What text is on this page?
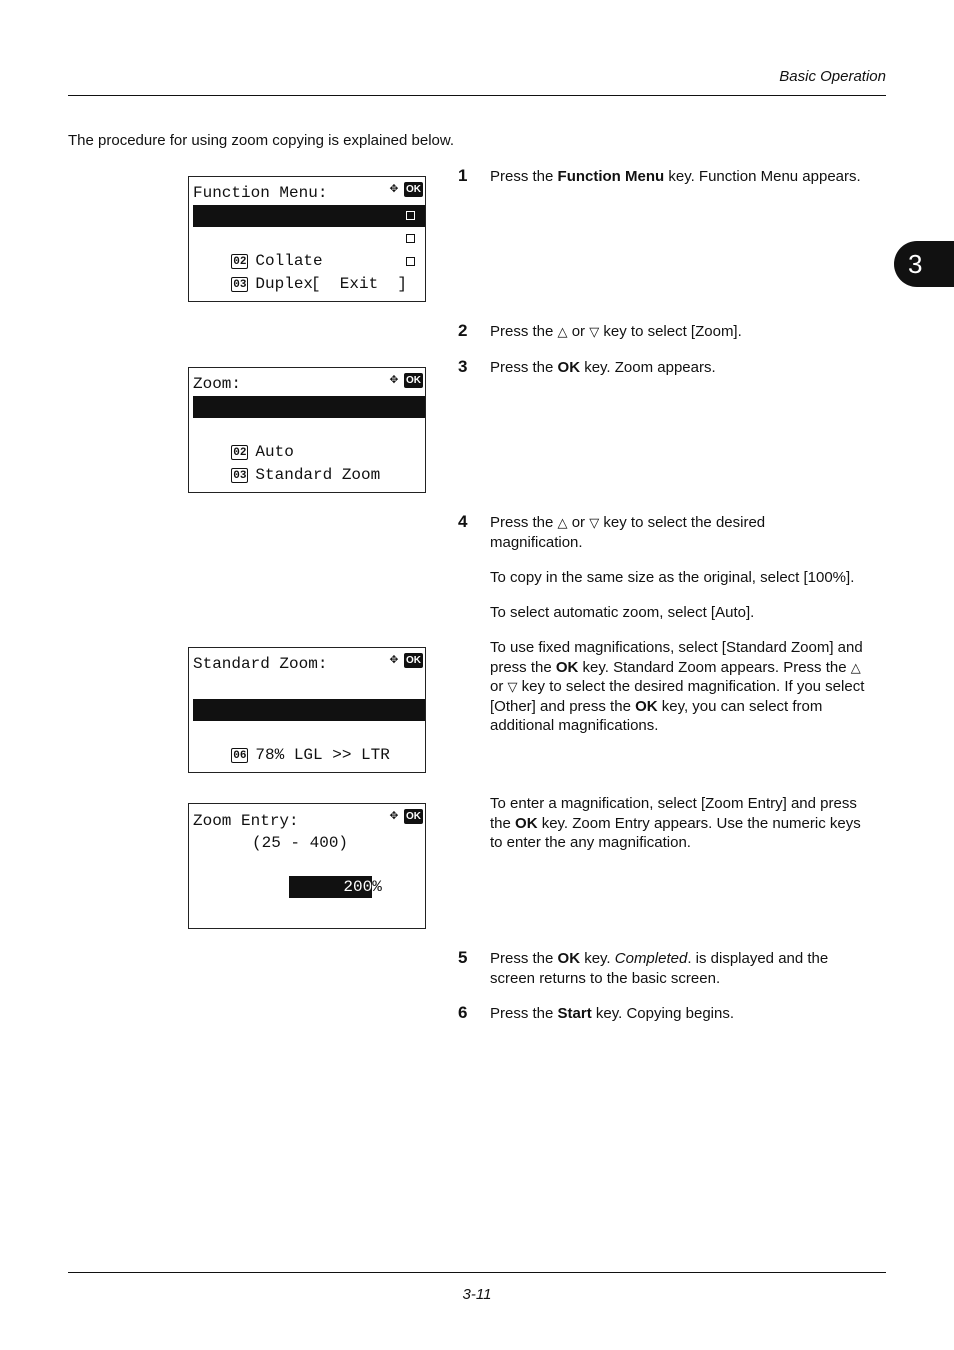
Basic Operation
The procedure for using zoom copying is explained below.
3
Function Menu:	✥ OK

01 Paper Selection

02 Collate

03 Duplex

[  Exit  ]
Zoom:	✥ OK

01 *100%

02 Auto

03 Standard Zoom

Standard Zoom:	✥ OK

05 *100%

06 78% LGL >> LTR

Zoom Entry:	✥ OK
(25 - 400)

200%

1 Press the Function Menu key. Function Menu appears.
2 Press the △ or ▽ key to select [Zoom].
3 Press the OK key. Zoom appears.
4 Press the △ or ▽ key to select the desired
magnification.
To copy in the same size as the original, select [100%].
To select automatic zoom, select [Auto].
To use fixed magnifications, select [Standard Zoom] and
press the OK key. Standard Zoom appears. Press the △
or ▽ key to select the desired magnification. If you select
[Other] and press the OK key, you can select from
additional magnifications.
To enter a magnification, select [Zoom Entry] and press
the OK key. Zoom Entry appears. Use the numeric keys
to enter the any magnification.
5 Press the OK key. Completed. is displayed and the
screen returns to the basic screen.
6 Press the Start key. Copying begins.
3-11
